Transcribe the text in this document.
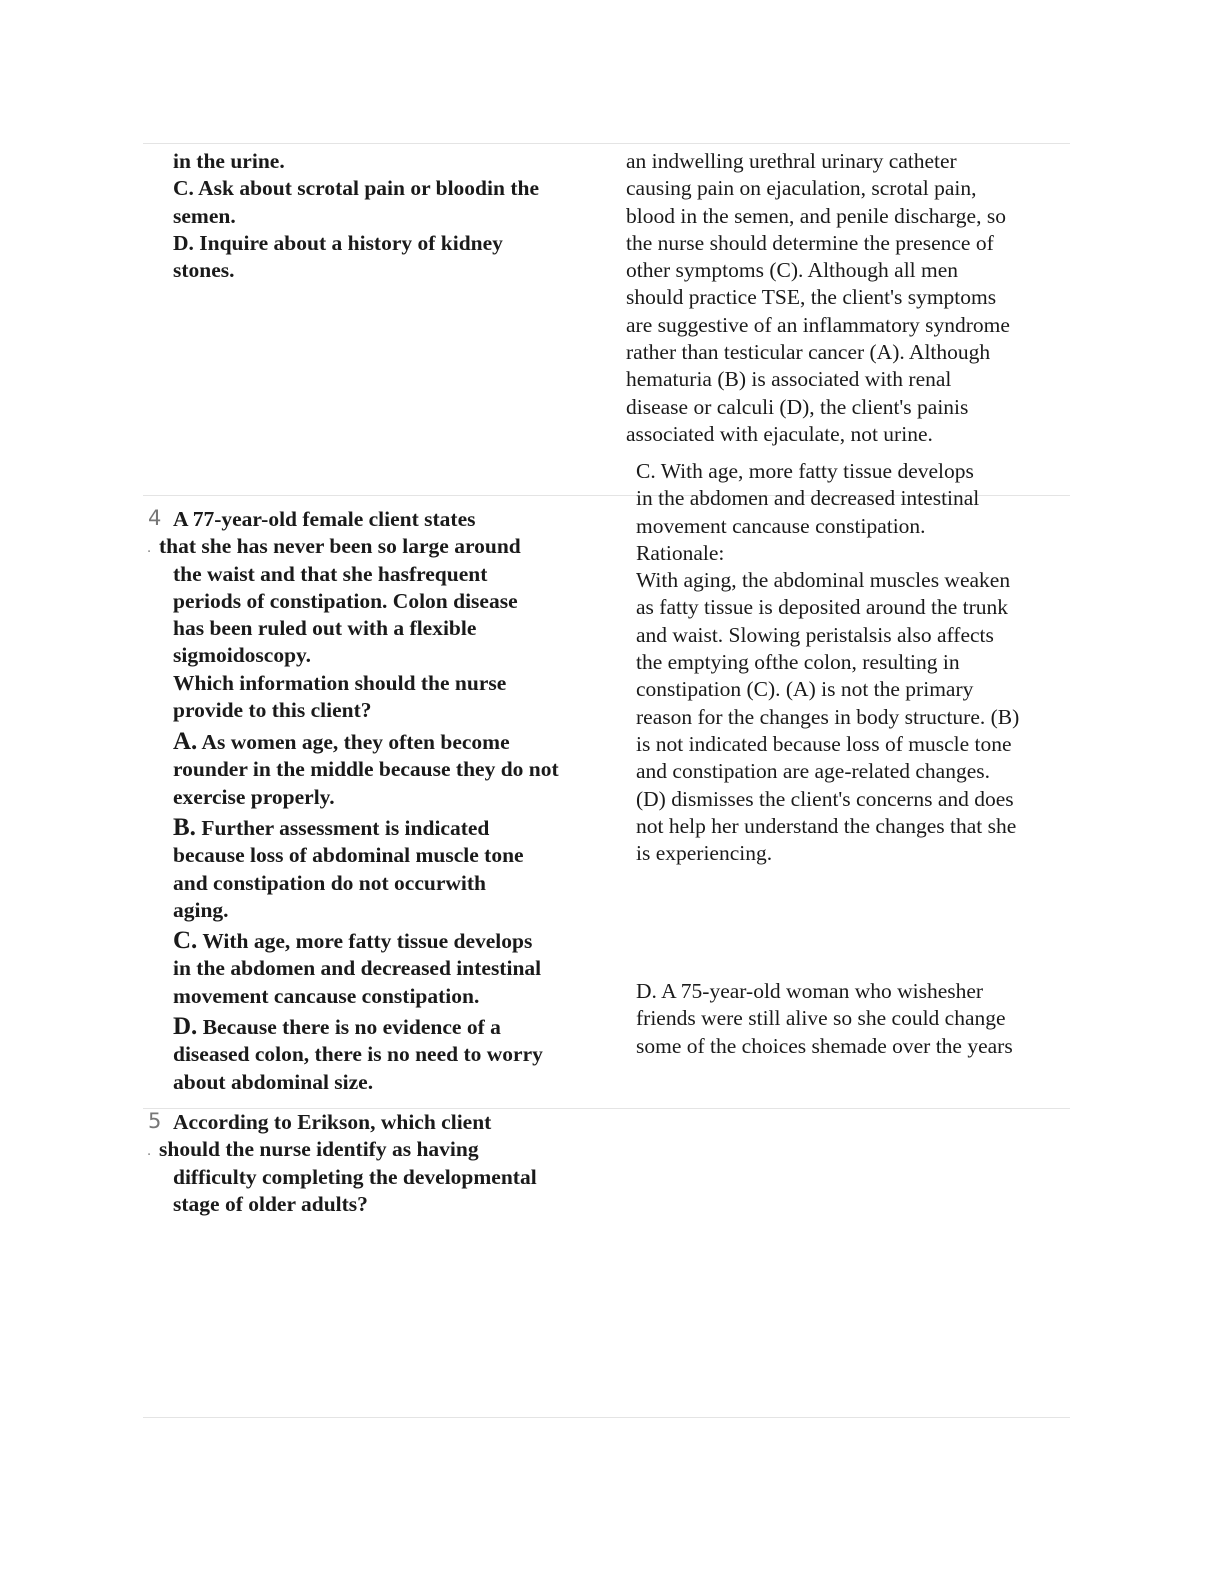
in the urine.
C. Ask about scrotal pain or bloodin the
semen.
D. Inquire about a history of kidney
stones.
an indwelling urethral urinary catheter
causing pain on ejaculation, scrotal pain,
blood in the semen, and penile discharge, so
the nurse should determine the presence of
other symptoms (C). Although all men
should practice TSE, the client's symptoms
are suggestive of an inflammatory syndrome
rather than testicular cancer (A). Although
hematuria (B) is associated with renal
disease or calculi (D), the client's painis
associated with ejaculate, not urine.
4
.
A 77-year-old female client states
that she has never been so large around
the waist and that she hasfrequent
periods of constipation. Colon disease
has been ruled out with a flexible
sigmoidoscopy.
Which information should the nurse
provide to this client?
A. As women age, they often become
rounder in the middle because they do not
exercise properly.
B. Further assessment is indicated
because loss of abdominal muscle tone
and constipation do not occurwith
aging.
C. With age, more fatty tissue develops
in the abdomen and decreased intestinal
movement cancause constipation.
D. Because there is no evidence of a
diseased colon, there is no need to worry
about abdominal size.
C. With age, more fatty tissue develops
in the abdomen and decreased intestinal
movement cancause constipation.
Rationale:
With aging, the abdominal muscles weaken
as fatty tissue is deposited around the trunk
and waist. Slowing peristalsis also affects
the emptying ofthe colon, resulting in
constipation (C). (A) is not the primary
reason for the changes in body structure. (B)
is not indicated because loss of muscle tone
and constipation are age-related changes.
(D) dismisses the client's concerns and does
not help her understand the changes that she
is experiencing.
D. A 75-year-old woman who wishesher
friends were still alive so she could change
some of the choices shemade over the years
5
.
According to Erikson, which client
should the nurse identify as having
difficulty completing the developmental
stage of older adults?
